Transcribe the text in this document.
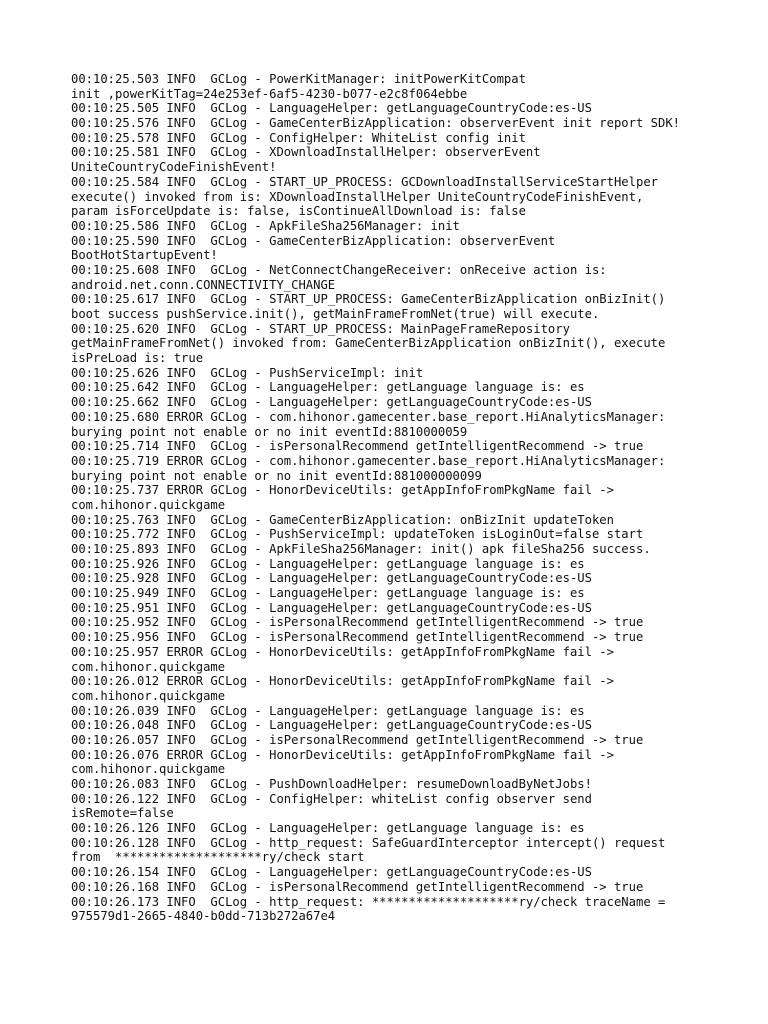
00:10:25.503 INFO  GCLog - PowerKitManager: initPowerKitCompat
init ,powerKitTag=24e253ef-6af5-4230-b077-e2c8f064ebbe
00:10:25.505 INFO  GCLog - LanguageHelper: getLanguageCountryCode:es-US
00:10:25.576 INFO  GCLog - GameCenterBizApplication: observerEvent init report SDK!
00:10:25.578 INFO  GCLog - ConfigHelper: WhiteList config init
00:10:25.581 INFO  GCLog - XDownloadInstallHelper: observerEvent
UniteCountryCodeFinishEvent!
00:10:25.584 INFO  GCLog - START_UP_PROCESS: GCDownloadInstallServiceStartHelper
execute() invoked from is: XDownloadInstallHelper UniteCountryCodeFinishEvent,
param isForceUpdate is: false, isContinueAllDownload is: false
00:10:25.586 INFO  GCLog - ApkFileSha256Manager: init
00:10:25.590 INFO  GCLog - GameCenterBizApplication: observerEvent
BootHotStartupEvent!
00:10:25.608 INFO  GCLog - NetConnectChangeReceiver: onReceive action is:
android.net.conn.CONNECTIVITY_CHANGE
00:10:25.617 INFO  GCLog - START_UP_PROCESS: GameCenterBizApplication onBizInit()
boot success pushService.init(), getMainFrameFromNet(true) will execute.
00:10:25.620 INFO  GCLog - START_UP_PROCESS: MainPageFrameRepository
getMainFrameFromNet() invoked from: GameCenterBizApplication onBizInit(), execute
isPreLoad is: true
00:10:25.626 INFO  GCLog - PushServiceImpl: init
00:10:25.642 INFO  GCLog - LanguageHelper: getLanguage language is: es
00:10:25.662 INFO  GCLog - LanguageHelper: getLanguageCountryCode:es-US
00:10:25.680 ERROR GCLog - com.hihonor.gamecenter.base_report.HiAnalyticsManager:
burying point not enable or no init eventId:8810000059
00:10:25.714 INFO  GCLog - isPersonalRecommend getIntelligentRecommend -> true
00:10:25.719 ERROR GCLog - com.hihonor.gamecenter.base_report.HiAnalyticsManager:
burying point not enable or no init eventId:881000000099
00:10:25.737 ERROR GCLog - HonorDeviceUtils: getAppInfoFromPkgName fail ->
com.hihonor.quickgame
00:10:25.763 INFO  GCLog - GameCenterBizApplication: onBizInit updateToken
00:10:25.772 INFO  GCLog - PushServiceImpl: updateToken isLoginOut=false start
00:10:25.893 INFO  GCLog - ApkFileSha256Manager: init() apk fileSha256 success.
00:10:25.926 INFO  GCLog - LanguageHelper: getLanguage language is: es
00:10:25.928 INFO  GCLog - LanguageHelper: getLanguageCountryCode:es-US
00:10:25.949 INFO  GCLog - LanguageHelper: getLanguage language is: es
00:10:25.951 INFO  GCLog - LanguageHelper: getLanguageCountryCode:es-US
00:10:25.952 INFO  GCLog - isPersonalRecommend getIntelligentRecommend -> true
00:10:25.956 INFO  GCLog - isPersonalRecommend getIntelligentRecommend -> true
00:10:25.957 ERROR GCLog - HonorDeviceUtils: getAppInfoFromPkgName fail ->
com.hihonor.quickgame
00:10:26.012 ERROR GCLog - HonorDeviceUtils: getAppInfoFromPkgName fail ->
com.hihonor.quickgame
00:10:26.039 INFO  GCLog - LanguageHelper: getLanguage language is: es
00:10:26.048 INFO  GCLog - LanguageHelper: getLanguageCountryCode:es-US
00:10:26.057 INFO  GCLog - isPersonalRecommend getIntelligentRecommend -> true
00:10:26.076 ERROR GCLog - HonorDeviceUtils: getAppInfoFromPkgName fail ->
com.hihonor.quickgame
00:10:26.083 INFO  GCLog - PushDownloadHelper: resumeDownloadByNetJobs!
00:10:26.122 INFO  GCLog - ConfigHelper: whiteList config observer send
isRemote=false
00:10:26.126 INFO  GCLog - LanguageHelper: getLanguage language is: es
00:10:26.128 INFO  GCLog - http_request: SafeGuardInterceptor intercept() request
from  ********************ry/check start
00:10:26.154 INFO  GCLog - LanguageHelper: getLanguageCountryCode:es-US
00:10:26.168 INFO  GCLog - isPersonalRecommend getIntelligentRecommend -> true
00:10:26.173 INFO  GCLog - http_request: ********************ry/check traceName =
975579d1-2665-4840-b0dd-713b272a67e4
